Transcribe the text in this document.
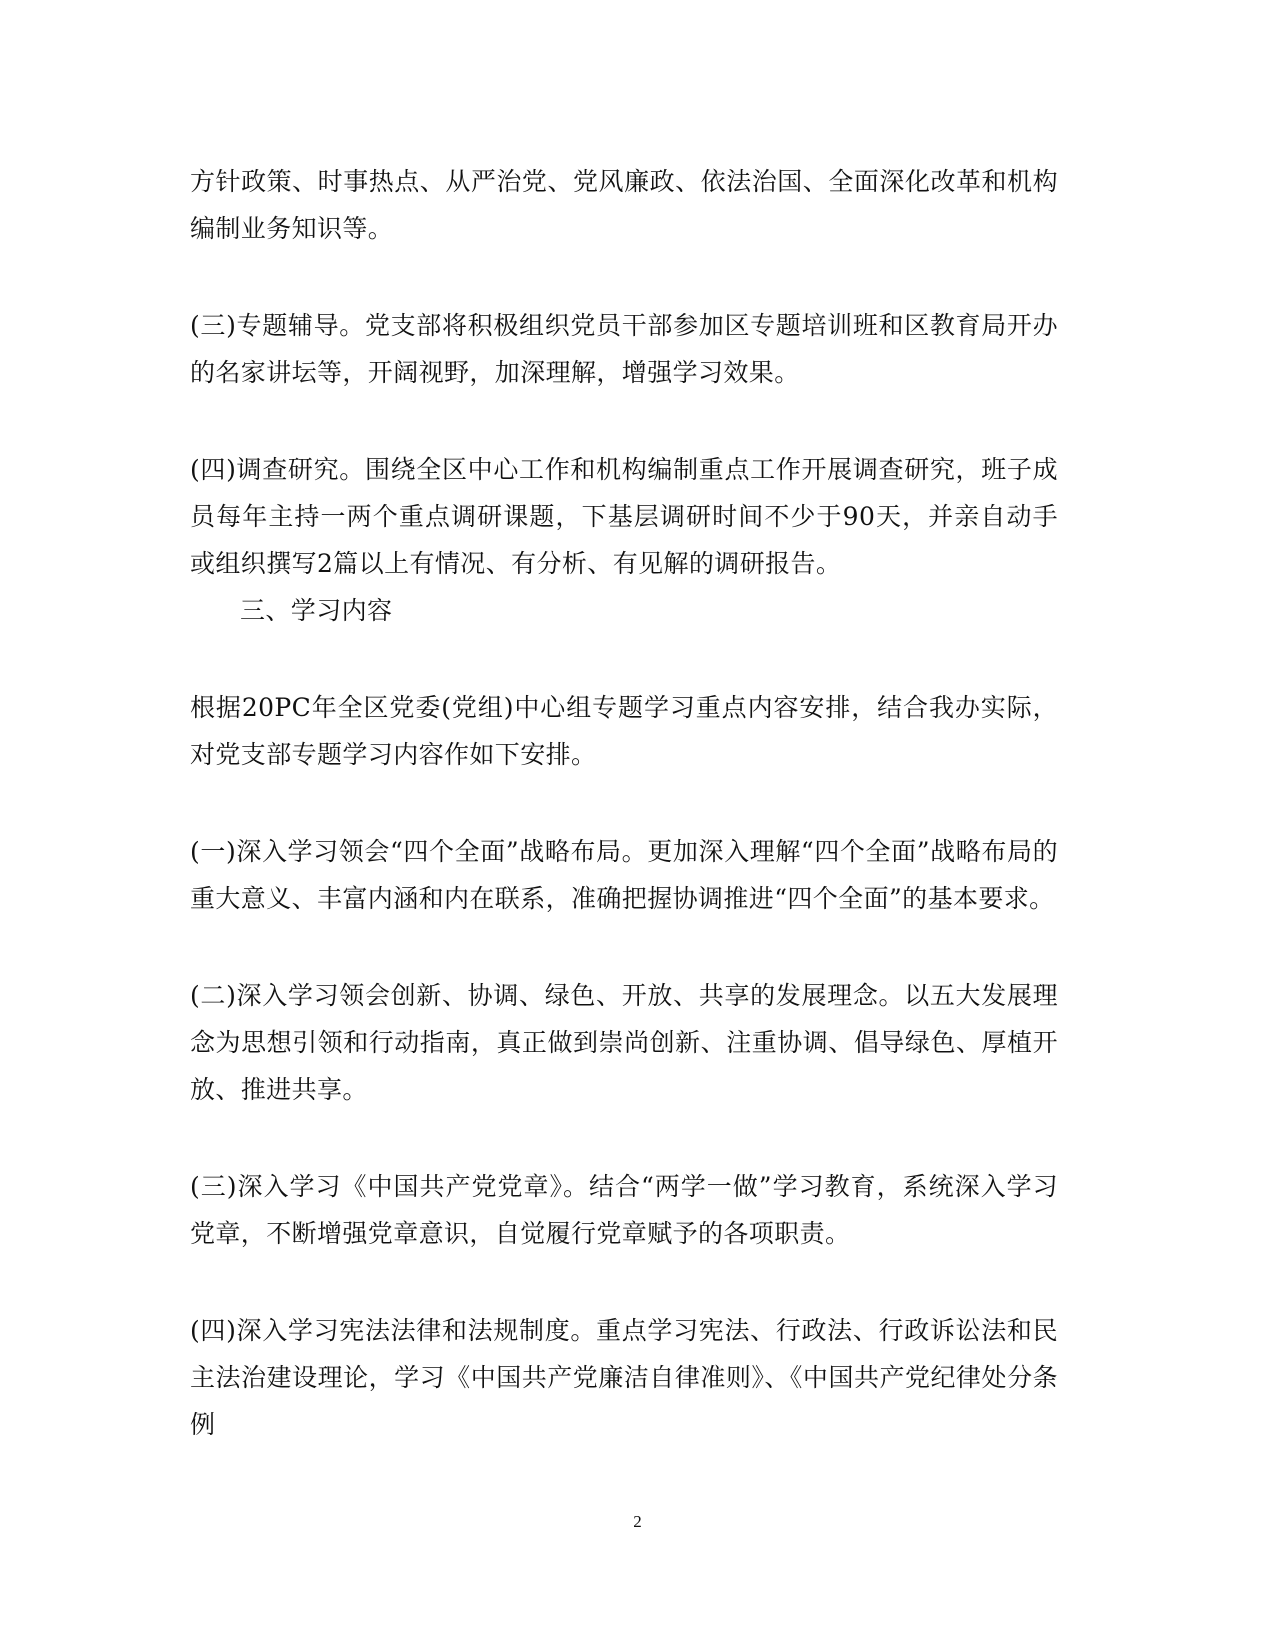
方针政策、时事热点、从严治党、党风廉政、依法治国、全面深化改革和机构编制业务知识等。

(三)专题辅导。党支部将积极组织党员干部参加区专题培训班和区教育局开办的名家讲坛等，开阔视野，加深理解，增强学习效果。

(四)调查研究。围绕全区中心工作和机构编制重点工作开展调查研究，班子成员每年主持一两个重点调研课题，下基层调研时间不少于90天，并亲自动手或组织撰写2篇以上有情况、有分析、有见解的调研报告。

三、学习内容

根据20PC年全区党委(党组)中心组专题学习重点内容安排，结合我办实际，对党支部专题学习内容作如下安排。

(一)深入学习领会“四个全面”战略布局。更加深入理解“四个全面”战略布局的重大意义、丰富内涵和内在联系，准确把握协调推进“四个全面”的基本要求。

(二)深入学习领会创新、协调、绿色、开放、共享的发展理念。以五大发展理念为思想引领和行动指南，真正做到崇尚创新、注重协调、倡导绿色、厚植开放、推进共享。

(三)深入学习《中国共产党党章》。结合“两学一做”学习教育，系统深入学习党章，不断增强党章意识，自觉履行党章赋予的各项职责。

(四)深入学习宪法法律和法规制度。重点学习宪法、行政法、行政诉讼法和民主法治建设理论，学习《中国共产党廉洁自律准则》、《中国共产党纪律处分条例

2
